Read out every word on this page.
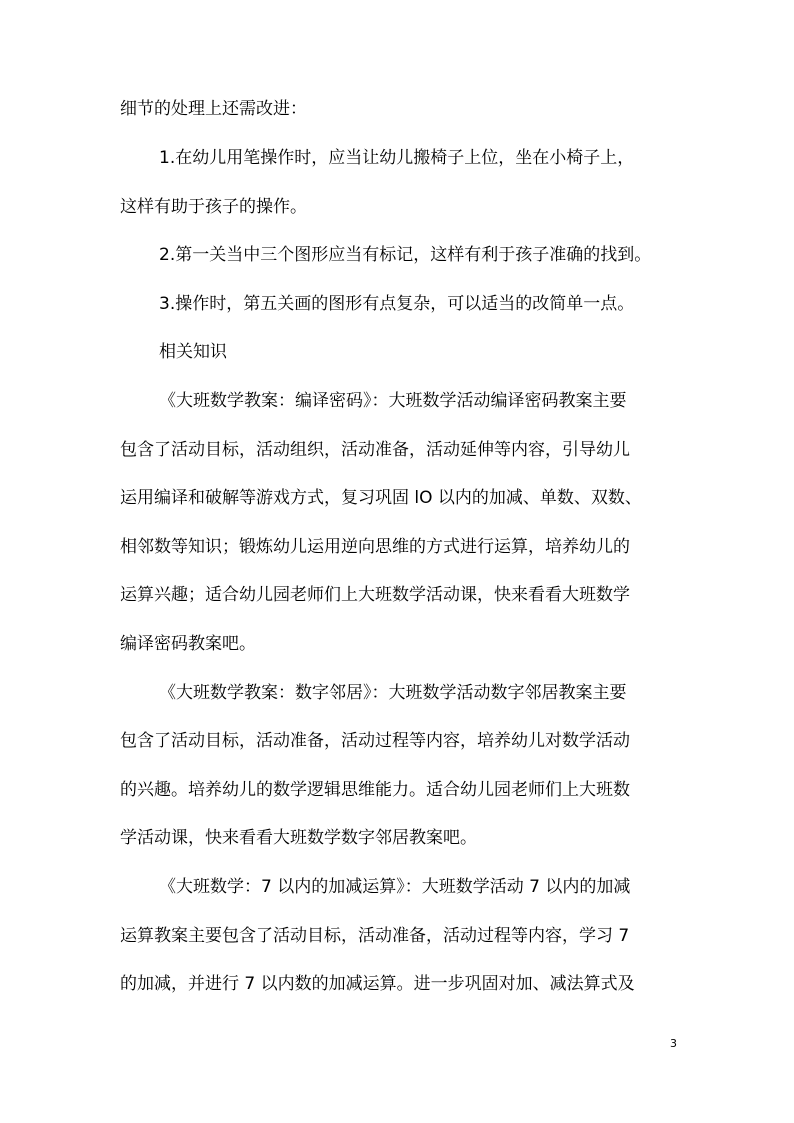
细节的处理上还需改进：
1.在幼儿用笔操作时，应当让幼儿搬椅子上位，坐在小椅子上，
这样有助于孩子的操作。
2.第一关当中三个图形应当有标记，这样有利于孩子准确的找到。
3.操作时，第五关画的图形有点复杂，可以适当的改简单一点。
相关知识
《大班数学教案：编译密码》：大班数学活动编译密码教案主要
包含了活动目标，活动组织，活动准备，活动延伸等内容，引导幼儿
运用编译和破解等游戏方式，复习巩固 lO 以内的加减、单数、双数、
相邻数等知识；锻炼幼儿运用逆向思维的方式进行运算，培养幼儿的
运算兴趣；适合幼儿园老师们上大班数学活动课，快来看看大班数学
编译密码教案吧。
《大班数学教案：数字邻居》：大班数学活动数字邻居教案主要
包含了活动目标，活动准备，活动过程等内容，培养幼儿对数学活动
的兴趣。培养幼儿的数学逻辑思维能力。适合幼儿园老师们上大班数
学活动课，快来看看大班数学数字邻居教案吧。
《大班数学：7 以内的加减运算》：大班数学活动 7 以内的加减
运算教案主要包含了活动目标，活动准备，活动过程等内容，学习 7
的加减，并进行 7 以内数的加减运算。进一步巩固对加、减法算式及
3
